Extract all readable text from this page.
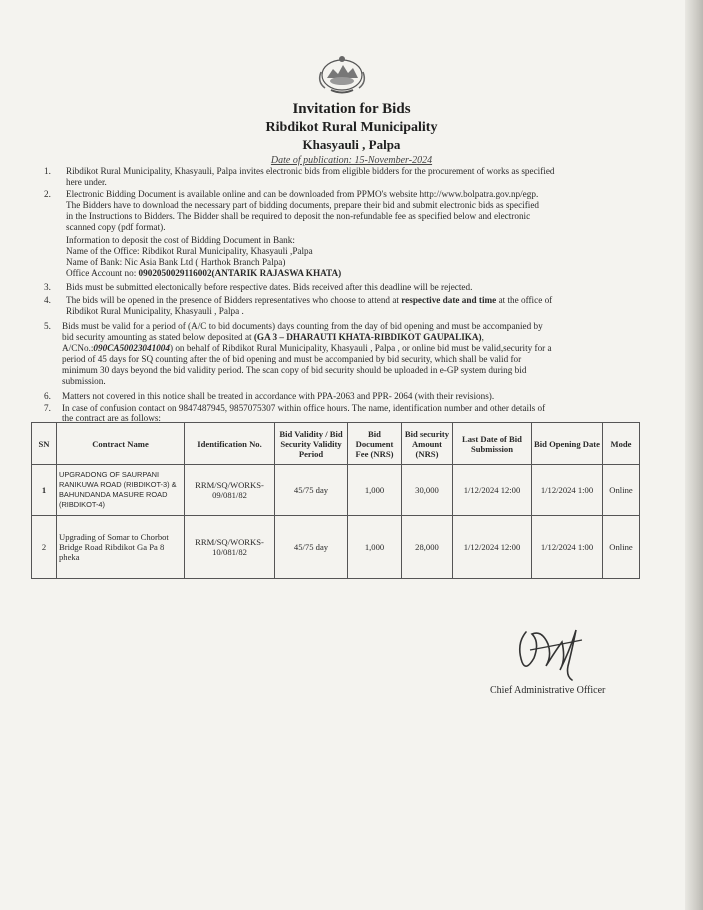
Invitation for Bids
Ribdikot Rural Municipality
Khasyauli , Palpa
Date of publication: 15-November-2024
1. Ribdikot Rural Municipality, Khasyauli, Palpa invites electronic bids from eligible bidders for the procurement of works as specified
here under.
2. Electronic Bidding Document is available online and can be downloaded from PPMO's website http://www.bolpatra.gov.np/egp.
The Bidders have to download the necessary part of bidding documents, prepare their bid and submit electronic bids as specified
in the Instructions to Bidders. The Bidder shall be required to deposit the non-refundable fee as specified below and electronic
scanned copy (pdf format).
Information to deposit the cost of Bidding Document in Bank:
Name of the Office: Ribdikot Rural Municipality, Khasyauli ,Palpa
Name of Bank: Nic Asia Bank Ltd ( Harthok Branch Palpa)
Office Account no: 0902050029116002(ANTARIK RAJASWA KHATA)
3. Bids must be submitted electonically before respective dates. Bids received after this deadline will be rejected.
4. The bids will be opened in the presence of Bidders representatives who choose to attend at respective date and time at the office of
Ribdikot Rural Municipality, Khasyauli , Palpa .
5. Bids must be valid for a period of (A/C to bid documents) days counting from the day of bid opening and must be accompanied by
bid security amounting as stated below deposited at (GA 3 – DHARAUTI KHATA-RIBDIKOT GAUPALIKA),
A/CNo.:090CA50023041004) on behalf of Ribdikot Rural Municipality, Khasyauli , Palpa , or online bid must be valid,security for a
period of 45 days for SQ counting after the of bid opening and must be accompanied by bid security, which shall be valid for
minimum 30 days beyond the bid validity period. The scan copy of bid security should be uploaded in e-GP system during bid
submission.
6. Matters not covered in this notice shall be treated in accordance with PPA-2063 and PPR- 2064 (with their revisions).
7. In case of confusion contact on 9847487945, 9857075307 within office hours. The name, identification number and other details of
the contract are as follows:
SN	Contract Name	Identification No.	Bid Validity / Bid Security Validity Period	Bid Document Fee (NRS)	Bid security Amount (NRS)	Last Date of Bid Submission	Bid Opening Date	Mode
1	UPGRADONG OF SAURPANI RANIKUWA ROAD (RIBDIKOT-3) & BAHUNDANDA MASURE ROAD (RIBDIKOT-4)	RRM/SQ/WORKS-09/081/82	45/75 day	1,000	30,000	1/12/2024 12:00	1/12/2024 1:00	Online
2	Upgrading of Somar to Chorbot Bridge Road Ribdikot Ga Pa 8 pheka	RRM/SQ/WORKS-10/081/82	45/75 day	1,000	28,000	1/12/2024 12:00	1/12/2024 1:00	Online
Chief Administrative Officer
